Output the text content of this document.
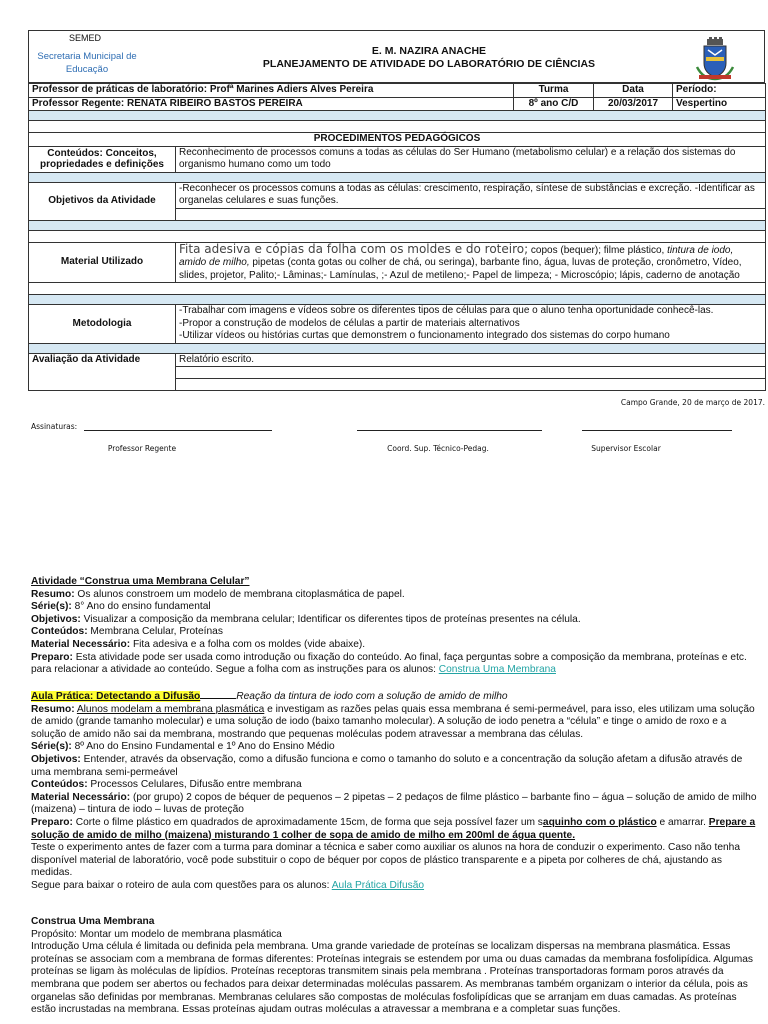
SEMED
Secretaria Municipal de Educação
E. M. NAZIRA ANACHE
PLANEJAMENTO DE ATIVIDADE DO LABORATÓRIO DE CIÊNCIAS
Professor de práticas de laboratório: Profª Marines Adiers Alves Pereira		Turma	Data	Período:
Professor Regente: RENATA RIBEIRO BASTOS PEREIRA		8º ano C/D	20/03/2017	Vespertino

PROCEDIMENTOS PEDAGÓGICOS				
Conteúdos: Conceitos, propriedades e definições	Reconhecimento de processos comuns a todas as células do Ser Humano (metabolismo celular) e a relação dos sistemas do organismo humano como um todo			

Objetivos da Atividade	-Reconhecer os processos comuns a todas as células: crescimento, respiração, síntese de substâncias e excreção. -Identificar as organelas celulares e suas funções.			

Material Utilizado	Fita adesiva e cópias da folha com os moldes e do roteiro; copos (bequer); filme plástico, tintura de iodo, amido de milho, pipetas (conta gotas ou colher de chá, ou seringa), barbante fino, água, luvas de proteção, cronômetro, Vídeo, slides, projetor, Palito;- Lâminas;- Lamínulas, ;- Azul de metileno;- Papel de limpeza; - Microscópio; lápis, caderno de anotação			

Metodologia	-Trabalhar com imagens e vídeos sobre os diferentes tipos de células para que o aluno tenha oportunidade conhecê-las.
-Propor a construção de modelos de células a partir de materiais alternativos
-Utilizar vídeos ou histórias curtas que demonstrem o funcionamento integrado dos sistemas do corpo humano			

Avaliação da Atividade	Relatório escrito.			

Campo Grande, 20 de março de 2017.
Assinaturas:
Professor Regente	Coord. Sup. Técnico-Pedag.	Supervisor Escolar

Atividade “Construa uma Membrana Celular”

Resumo: Os alunos constroem um modelo de membrana citoplasmática de papel.

Série(s): 8° Ano do ensino fundamental

Objetivos: Visualizar a composição da membrana celular; Identificar os diferentes tipos de proteínas presentes na célula.

Conteúdos: Membrana Celular, Proteínas

Material Necessário: Fita adesiva e a folha com os moldes (vide abaixe).

Preparo: Esta atividade pode ser usada como introdução ou fixação do conteúdo. Ao final, faça perguntas sobre a composição da membrana, proteínas e etc. para relacionar a atividade ao conteúdo. Segue a folha com as instruções para os alunos: Construa Uma Membrana

Aula Prática: Detectando a Difusão	Reação da tintura de iodo com a solução de amido de milho

Resumo: Alunos modelam a membrana plasmática e investigam as razões pelas quais essa membrana é semi-permeável, para isso, eles utilizam uma solução de amido (grande tamanho molecular) e uma solução de iodo (baixo tamanho molecular). A solução de iodo penetra a “célula” e tinge o amido de roxo e a solução de amido não sai da membrana, mostrando que pequenas moléculas podem atravessar a membrana das células.

Série(s): 8º Ano do Ensino Fundamental e 1º Ano do Ensino Médio

Objetivos: Entender, através da observação, como a difusão funciona e como o tamanho do soluto e a concentração da solução afetam a difusão através de uma membrana semi-permeável

Conteúdos: Processos Celulares, Difusão entre membrana

Material Necessário: (por grupo) 2 copos de béquer de pequenos – 2 pipetas – 2 pedaços de filme plástico – barbante fino – água – solução de amido de milho (maizena) – tintura de iodo – luvas de proteção

Preparo: Corte o filme plástico em quadrados de aproximadamente 15cm, de forma que seja possível fazer um saquinho com o plástico e amarrar. Prepare a solução de amido de milho (maizena) misturando 1 colher de sopa de amido de milho em 200ml de água quente.

Teste o experimento antes de fazer com a turma para dominar a técnica e saber como auxiliar os alunos na hora de conduzir o experimento. Caso não tenha disponível material de laboratório, você pode substituir o copo de béquer por copos de plástico transparente e a pipeta por colheres de chá, ajustando as medidas.

Segue para baixar o roteiro de aula com questões para os alunos: Aula Prática Difusão

Construa Uma Membrana

Propósito: Montar um modelo de membrana plasmática

Introdução Uma célula é limitada ou definida pela membrana. Uma grande variedade de proteínas se localizam dispersas na membrana plasmática. Essas proteínas se associam com a membrana de formas diferentes: Proteínas integrais se estendem por uma ou duas camadas da membrana fosfolipídica. Algumas proteínas se ligam às moléculas de lipídios. Proteínas receptoras transmitem sinais pela membrana . Proteínas transportadoras formam poros através da membrana que podem ser abertos ou fechados para deixar determinadas moléculas passarem. As membranas também organizam o interior da célula, pois as organelas são definidas por membranas. Membranas celulares são compostas de moléculas fosfolipídicas que se arranjam em duas camadas. As proteínas estão incrustadas na membrana. Essas proteínas ajudam outras moléculas a atravessar a membrana e a completar suas funções.
